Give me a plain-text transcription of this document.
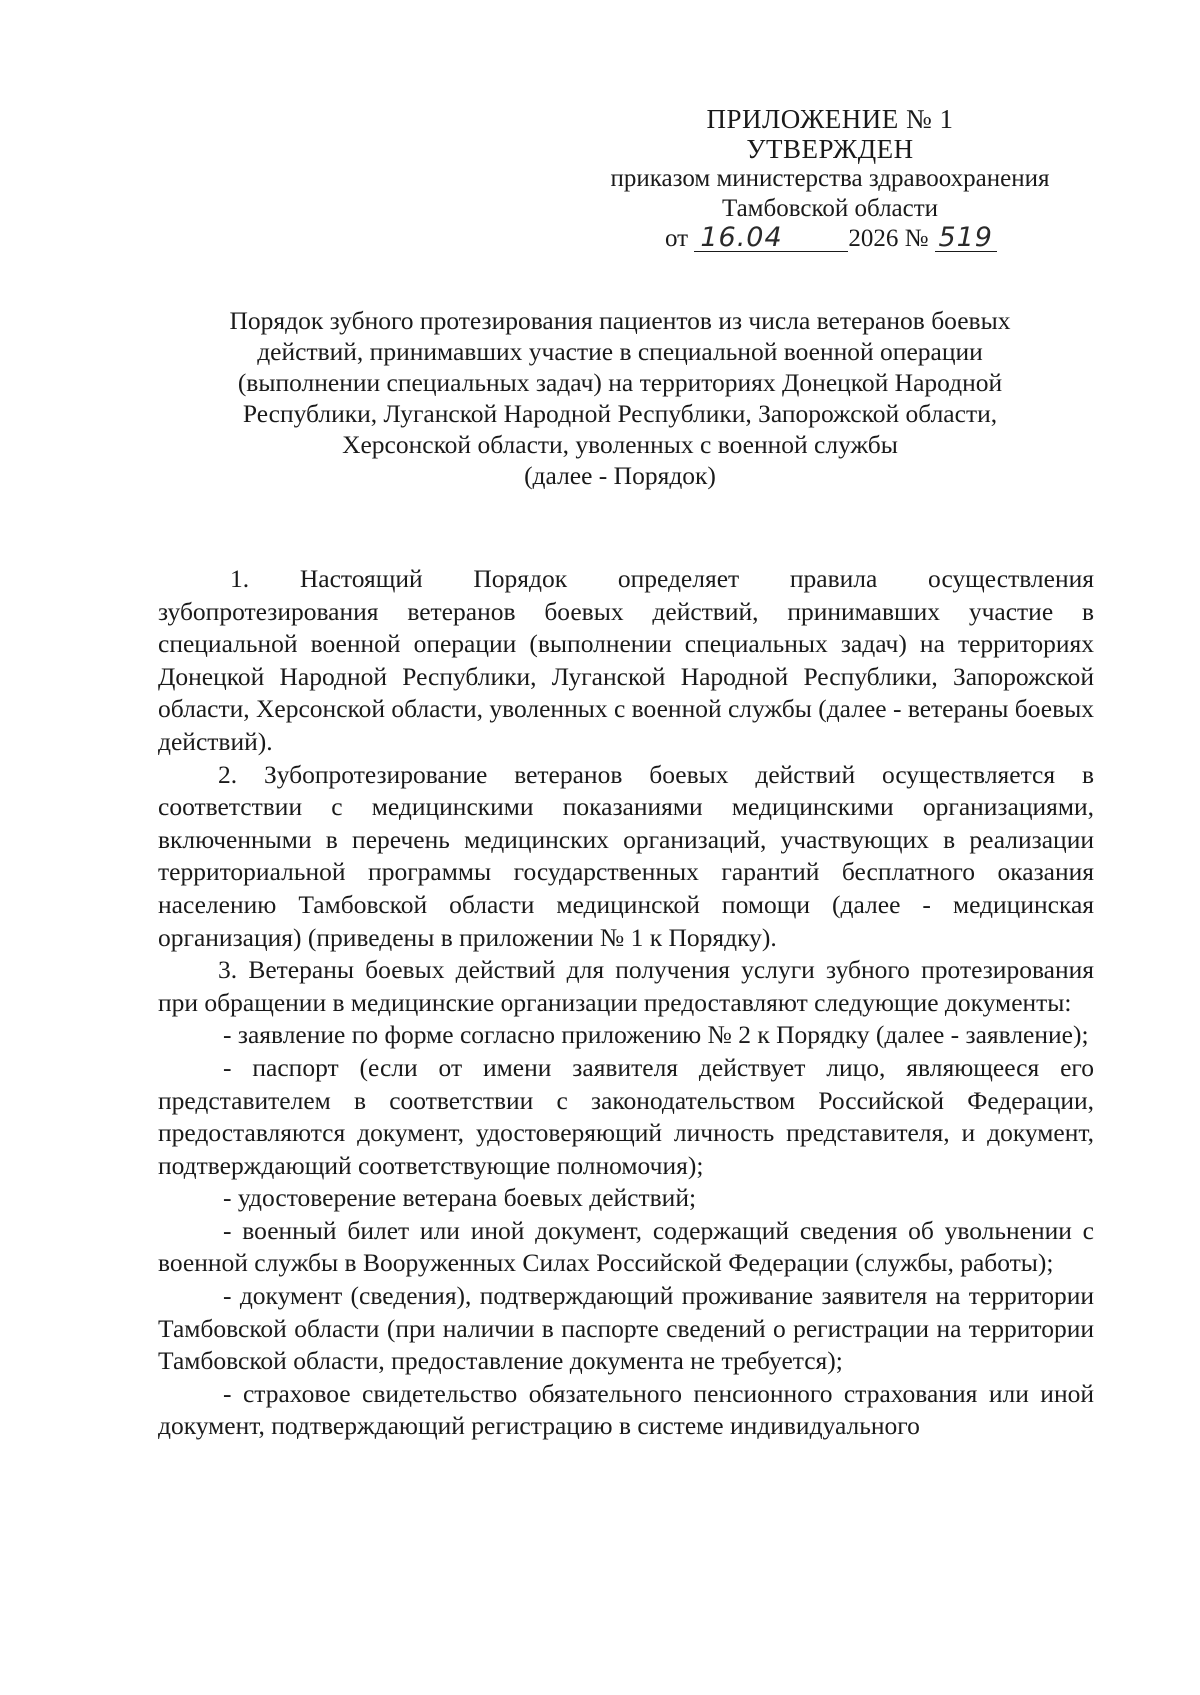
ПРИЛОЖЕНИЕ № 1
УТВЕРЖДЕН
приказом министерства здравоохранения
Тамбовской области
от 16.04	2026 № 519
Порядок зубного протезирования пациентов из числа ветеранов боевых
действий, принимавших участие в специальной военной операции
(выполнении специальных задач) на территориях Донецкой Народной
Республики, Луганской Народной Республики, Запорожской области,
Херсонской области, уволенных с военной службы
(далее - Порядок)

1. Настоящий Порядок определяет правила осуществления зубопротезирования ветеранов боевых действий, принимавших участие в специальной военной операции (выполнении специальных задач) на территориях Донецкой Народной Республики, Луганской Народной Республики, Запорожской области, Херсонской области, уволенных с военной службы (далее - ветераны боевых действий).

2. Зубопротезирование ветеранов боевых действий осуществляется в соответствии с медицинскими показаниями медицинскими организациями, включенными в перечень медицинских организаций, участвующих в реализации территориальной программы государственных гарантий бесплатного оказания населению Тамбовской области медицинской помощи (далее - медицинская организация) (приведены в приложении № 1 к Порядку).

3. Ветераны боевых действий для получения услуги зубного протезирования при обращении в медицинские организации предоставляют следующие документы:

- заявление по форме согласно приложению № 2 к Порядку (далее - заявление);

- паспорт (если от имени заявителя действует лицо, являющееся его представителем в соответствии с законодательством Российской Федерации, предоставляются документ, удостоверяющий личность представителя, и документ, подтверждающий соответствующие полномочия);

- удостоверение ветерана боевых действий;

- военный билет или иной документ, содержащий сведения об увольнении с военной службы в Вооруженных Силах Российской Федерации (службы, работы);

- документ (сведения), подтверждающий проживание заявителя на территории Тамбовской области (при наличии в паспорте сведений о регистрации на территории Тамбовской области, предоставление документа не требуется);

- страховое свидетельство обязательного пенсионного страхования или иной документ, подтверждающий регистрацию в системе индивидуального
